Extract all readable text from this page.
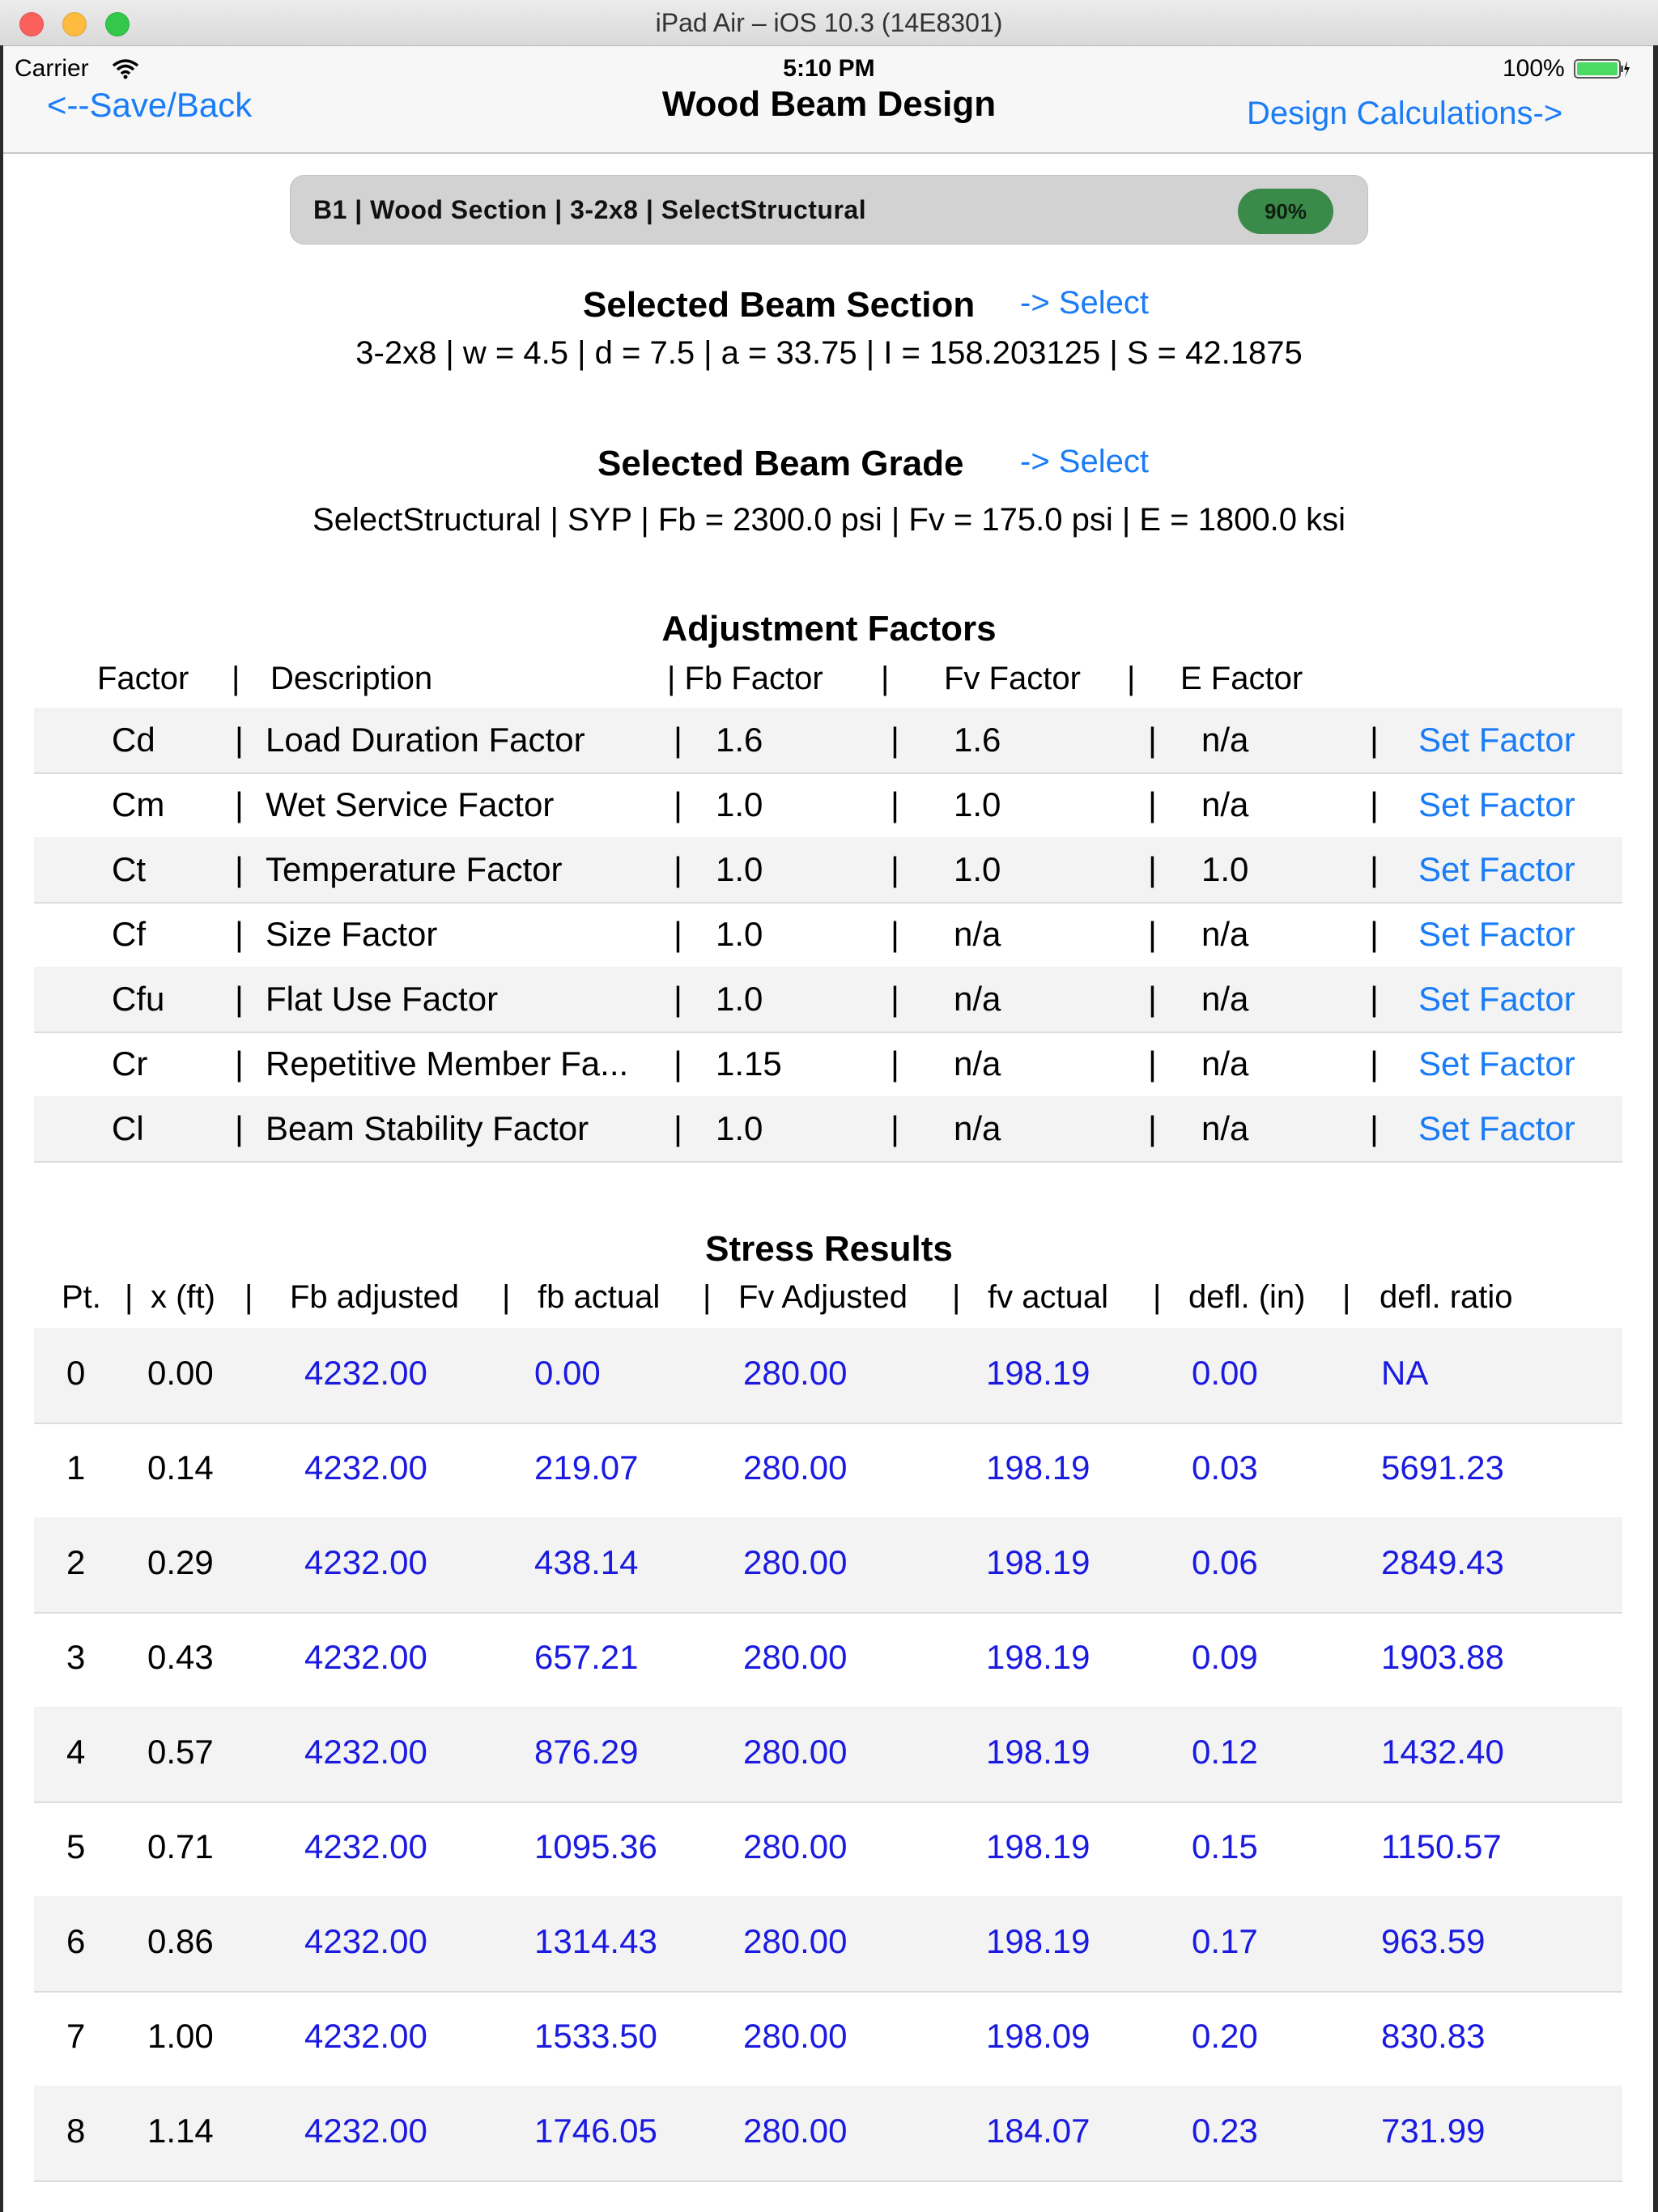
iPad Air – iOS 10.3 (14E8301)
Carrier	5:10 PM	100%
<--Save/Back	Wood Beam Design	Design Calculations->
B1 | Wood Section | 3-2x8 | SelectStructural	90%
Selected Beam Section -> Select
3-2x8 | w = 4.5 | d = 7.5 | a = 33.75 | I = 158.203125 | S = 42.1875
Selected Beam Grade -> Select
SelectStructural | SYP | Fb = 2300.0 psi | Fv = 175.0 psi | E = 1800.0 ksi
Adjustment Factors
Factor | Description	| Fb Factor | Fv Factor | E Factor
Cd | Load Duration Factor	| 1.6	| 1.6	| n/a	| Set Factor
Cm | Wet Service Factor	| 1.0	| 1.0	| n/a	| Set Factor
Ct	| Temperature Factor	| 1.0	| 1.0	| 1.0	| Set Factor
Cf	| Size Factor	| 1.0	| n/a	| n/a	| Set Factor
Cfu | Flat Use Factor	| 1.0	| n/a	| n/a	| Set Factor
Cr	| Repetitive Member Fa... | 1.15	| n/a	| n/a	| Set Factor
Cl	| Beam Stability Factor | 1.0	| n/a	| n/a	| Set Factor
Stress Results
Pt. | x (ft) | Fb adjusted | fb actual | Fv Adjusted | fv actual | defl. (in) | defl. ratio
0 0.00	4232.00	0.00	280.00	198.19	0.00	NA
1 0.14	4232.00	219.07	280.00	198.19	0.03	5691.23
2 0.29	4232.00	438.14	280.00	198.19	0.06	2849.43
3 0.43	4232.00	657.21	280.00	198.19	0.09	1903.88
4 0.57	4232.00	876.29	280.00	198.19	0.12	1432.40
5 0.71	4232.00	1095.36	280.00	198.19	0.15	1150.57
6 0.86	4232.00	1314.43	280.00	198.19	0.17	963.59
7 1.00	4232.00	1533.50	280.00	198.09	0.20	830.83
8 1.14	4232.00	1746.05	280.00	184.07	0.23	731.99
